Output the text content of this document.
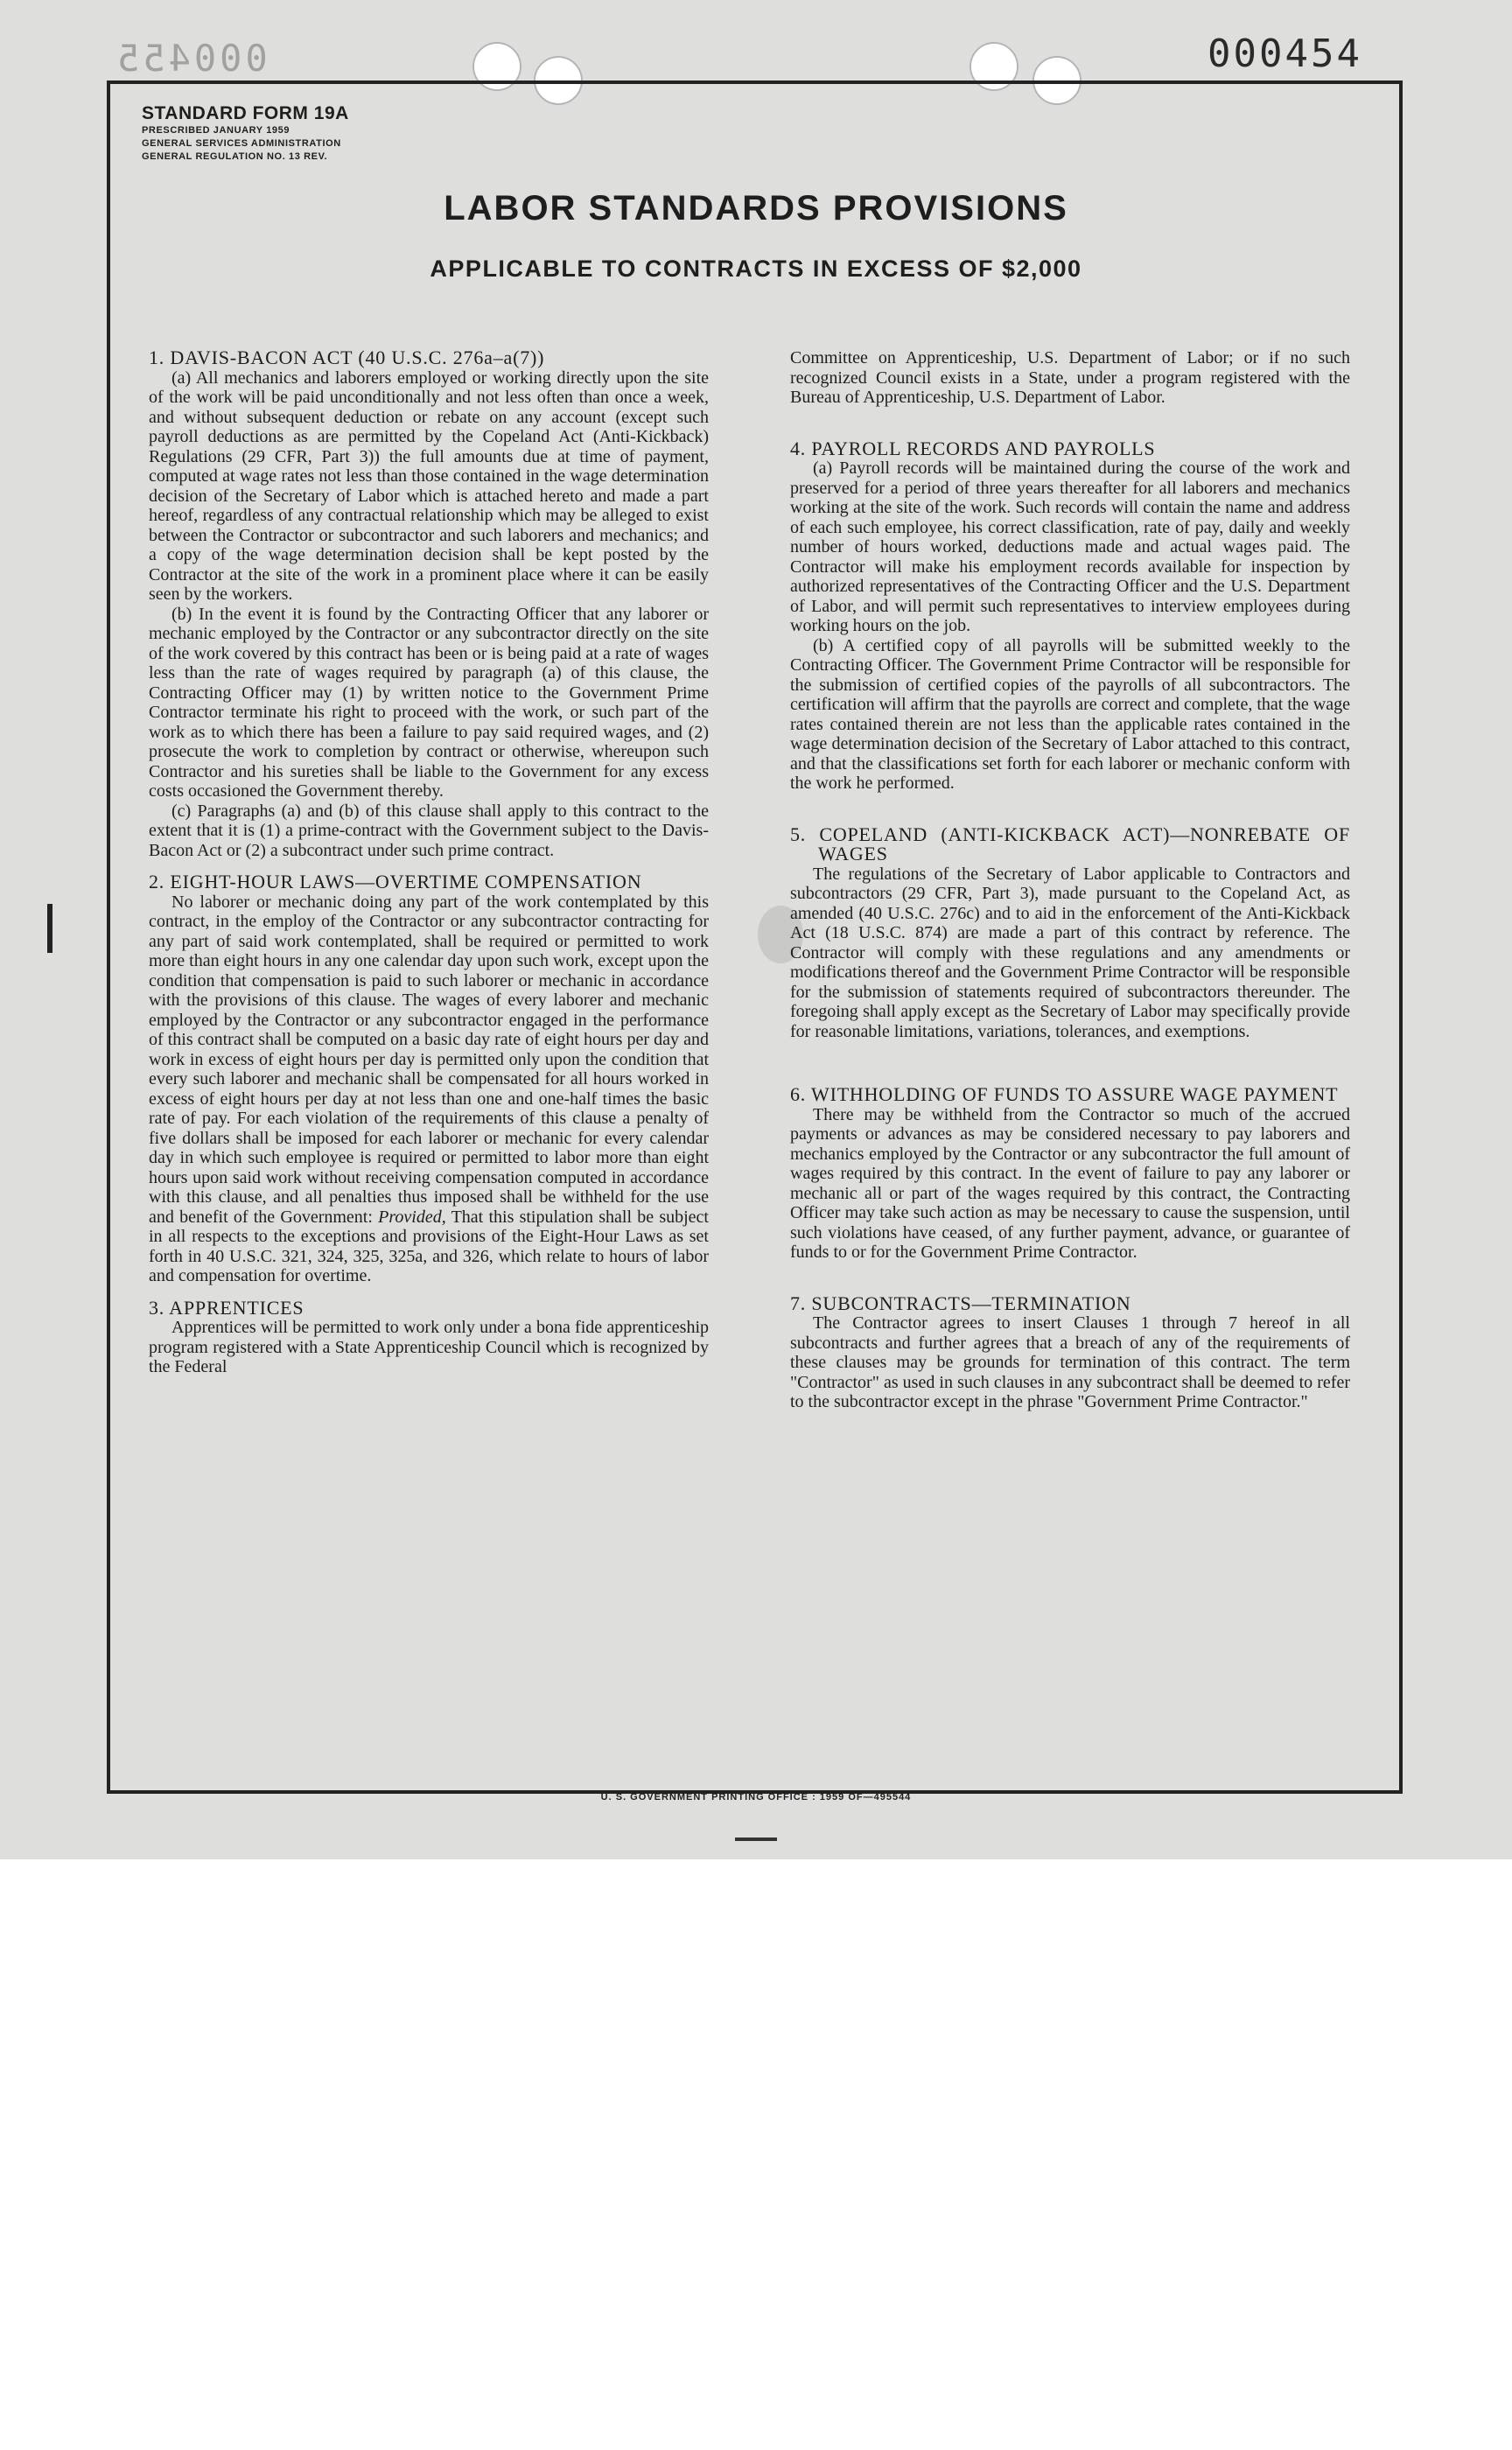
000455	000454
STANDARD FORM 19A
PRESCRIBED JANUARY 1959
GENERAL SERVICES ADMINISTRATION
GENERAL REGULATION NO. 13 REV.
LABOR STANDARDS PROVISIONS
APPLICABLE TO CONTRACTS IN EXCESS OF $2,000

1. DAVIS-BACON ACT (40 U.S.C. 276a–a(7))

(a) All mechanics and laborers employed or working directly upon the site of the work will be paid unconditionally and not less often than once a week, and without subsequent deduction or rebate on any account (except such payroll deductions as are permitted by the Copeland Act (Anti-Kickback) Regulations (29 CFR, Part 3)) the full amounts due at time of payment, computed at wage rates not less than those contained in the wage determination decision of the Secretary of Labor which is attached hereto and made a part hereof, regardless of any contractual relationship which may be alleged to exist between the Contractor or subcontractor and such laborers and mechanics; and a copy of the wage determination decision shall be kept posted by the Contractor at the site of the work in a prominent place where it can be easily seen by the workers.

(b) In the event it is found by the Contracting Officer that any laborer or mechanic employed by the Contractor or any subcontractor directly on the site of the work covered by this contract has been or is being paid at a rate of wages less than the rate of wages required by paragraph (a) of this clause, the Contracting Officer may (1) by written notice to the Government Prime Contractor terminate his right to proceed with the work, or such part of the work as to which there has been a failure to pay said required wages, and (2) prosecute the work to completion by contract or otherwise, whereupon such Contractor and his sureties shall be liable to the Government for any excess costs occasioned the Government thereby.

(c) Paragraphs (a) and (b) of this clause shall apply to this contract to the extent that it is (1) a prime-contract with the Government subject to the Davis-Bacon Act or (2) a subcontract under such prime contract.

2. EIGHT-HOUR LAWS—OVERTIME COMPENSATION

No laborer or mechanic doing any part of the work contemplated by this contract, in the employ of the Contractor or any subcontractor contracting for any part of said work contemplated, shall be required or permitted to work more than eight hours in any one calendar day upon such work, except upon the condition that compensation is paid to such laborer or mechanic in accordance with the provisions of this clause. The wages of every laborer and mechanic employed by the Contractor or any subcontractor engaged in the performance of this contract shall be computed on a basic day rate of eight hours per day and work in excess of eight hours per day is permitted only upon the condition that every such laborer and mechanic shall be compensated for all hours worked in excess of eight hours per day at not less than one and one-half times the basic rate of pay. For each violation of the requirements of this clause a penalty of five dollars shall be imposed for each laborer or mechanic for every calendar day in which such employee is required or permitted to labor more than eight hours upon said work without receiving compensation computed in accordance with this clause, and all penalties thus imposed shall be withheld for the use and benefit of the Government: Provided, That this stipulation shall be subject in all respects to the exceptions and provisions of the Eight-Hour Laws as set forth in 40 U.S.C. 321, 324, 325, 325a, and 326, which relate to hours of labor and compensation for overtime.

3. APPRENTICES

Apprentices will be permitted to work only under a bona fide apprenticeship program registered with a State Apprenticeship Council which is recognized by the Federal

Committee on Apprenticeship, U.S. Department of Labor; or if no such recognized Council exists in a State, under a program registered with the Bureau of Apprenticeship, U.S. Department of Labor.

4. PAYROLL RECORDS AND PAYROLLS

(a) Payroll records will be maintained during the course of the work and preserved for a period of three years thereafter for all laborers and mechanics working at the site of the work. Such records will contain the name and address of each such employee, his correct classification, rate of pay, daily and weekly number of hours worked, deductions made and actual wages paid. The Contractor will make his employment records available for inspection by authorized representatives of the Contracting Officer and the U.S. Department of Labor, and will permit such representatives to interview employees during working hours on the job.

(b) A certified copy of all payrolls will be submitted weekly to the Contracting Officer. The Government Prime Contractor will be responsible for the submission of certified copies of the payrolls of all subcontractors. The certification will affirm that the payrolls are correct and complete, that the wage rates contained therein are not less than the applicable rates contained in the wage determination decision of the Secretary of Labor attached to this contract, and that the classifications set forth for each laborer or mechanic conform with the work he performed.

5. COPELAND (ANTI-KICKBACK ACT)—NONREBATE OF WAGES

The regulations of the Secretary of Labor applicable to Contractors and subcontractors (29 CFR, Part 3), made pursuant to the Copeland Act, as amended (40 U.S.C. 276c) and to aid in the enforcement of the Anti-Kickback Act (18 U.S.C. 874) are made a part of this contract by reference. The Contractor will comply with these regulations and any amendments or modifications thereof and the Government Prime Contractor will be responsible for the submission of statements required of subcontractors thereunder. The foregoing shall apply except as the Secretary of Labor may specifically provide for reasonable limitations, variations, tolerances, and exemptions.

6. WITHHOLDING OF FUNDS TO ASSURE WAGE PAYMENT

There may be withheld from the Contractor so much of the accrued payments or advances as may be considered necessary to pay laborers and mechanics employed by the Contractor or any subcontractor the full amount of wages required by this contract. In the event of failure to pay any laborer or mechanic all or part of the wages required by this contract, the Contracting Officer may take such action as may be necessary to cause the suspension, until such violations have ceased, of any further payment, advance, or guarantee of funds to or for the Government Prime Contractor.

7. SUBCONTRACTS—TERMINATION

The Contractor agrees to insert Clauses 1 through 7 hereof in all subcontracts and further agrees that a breach of any of the requirements of these clauses may be grounds for termination of this contract. The term "Contractor" as used in such clauses in any subcontract shall be deemed to refer to the subcontractor except in the phrase "Government Prime Contractor."

U. S. GOVERNMENT PRINTING OFFICE : 1959 OF—495544
